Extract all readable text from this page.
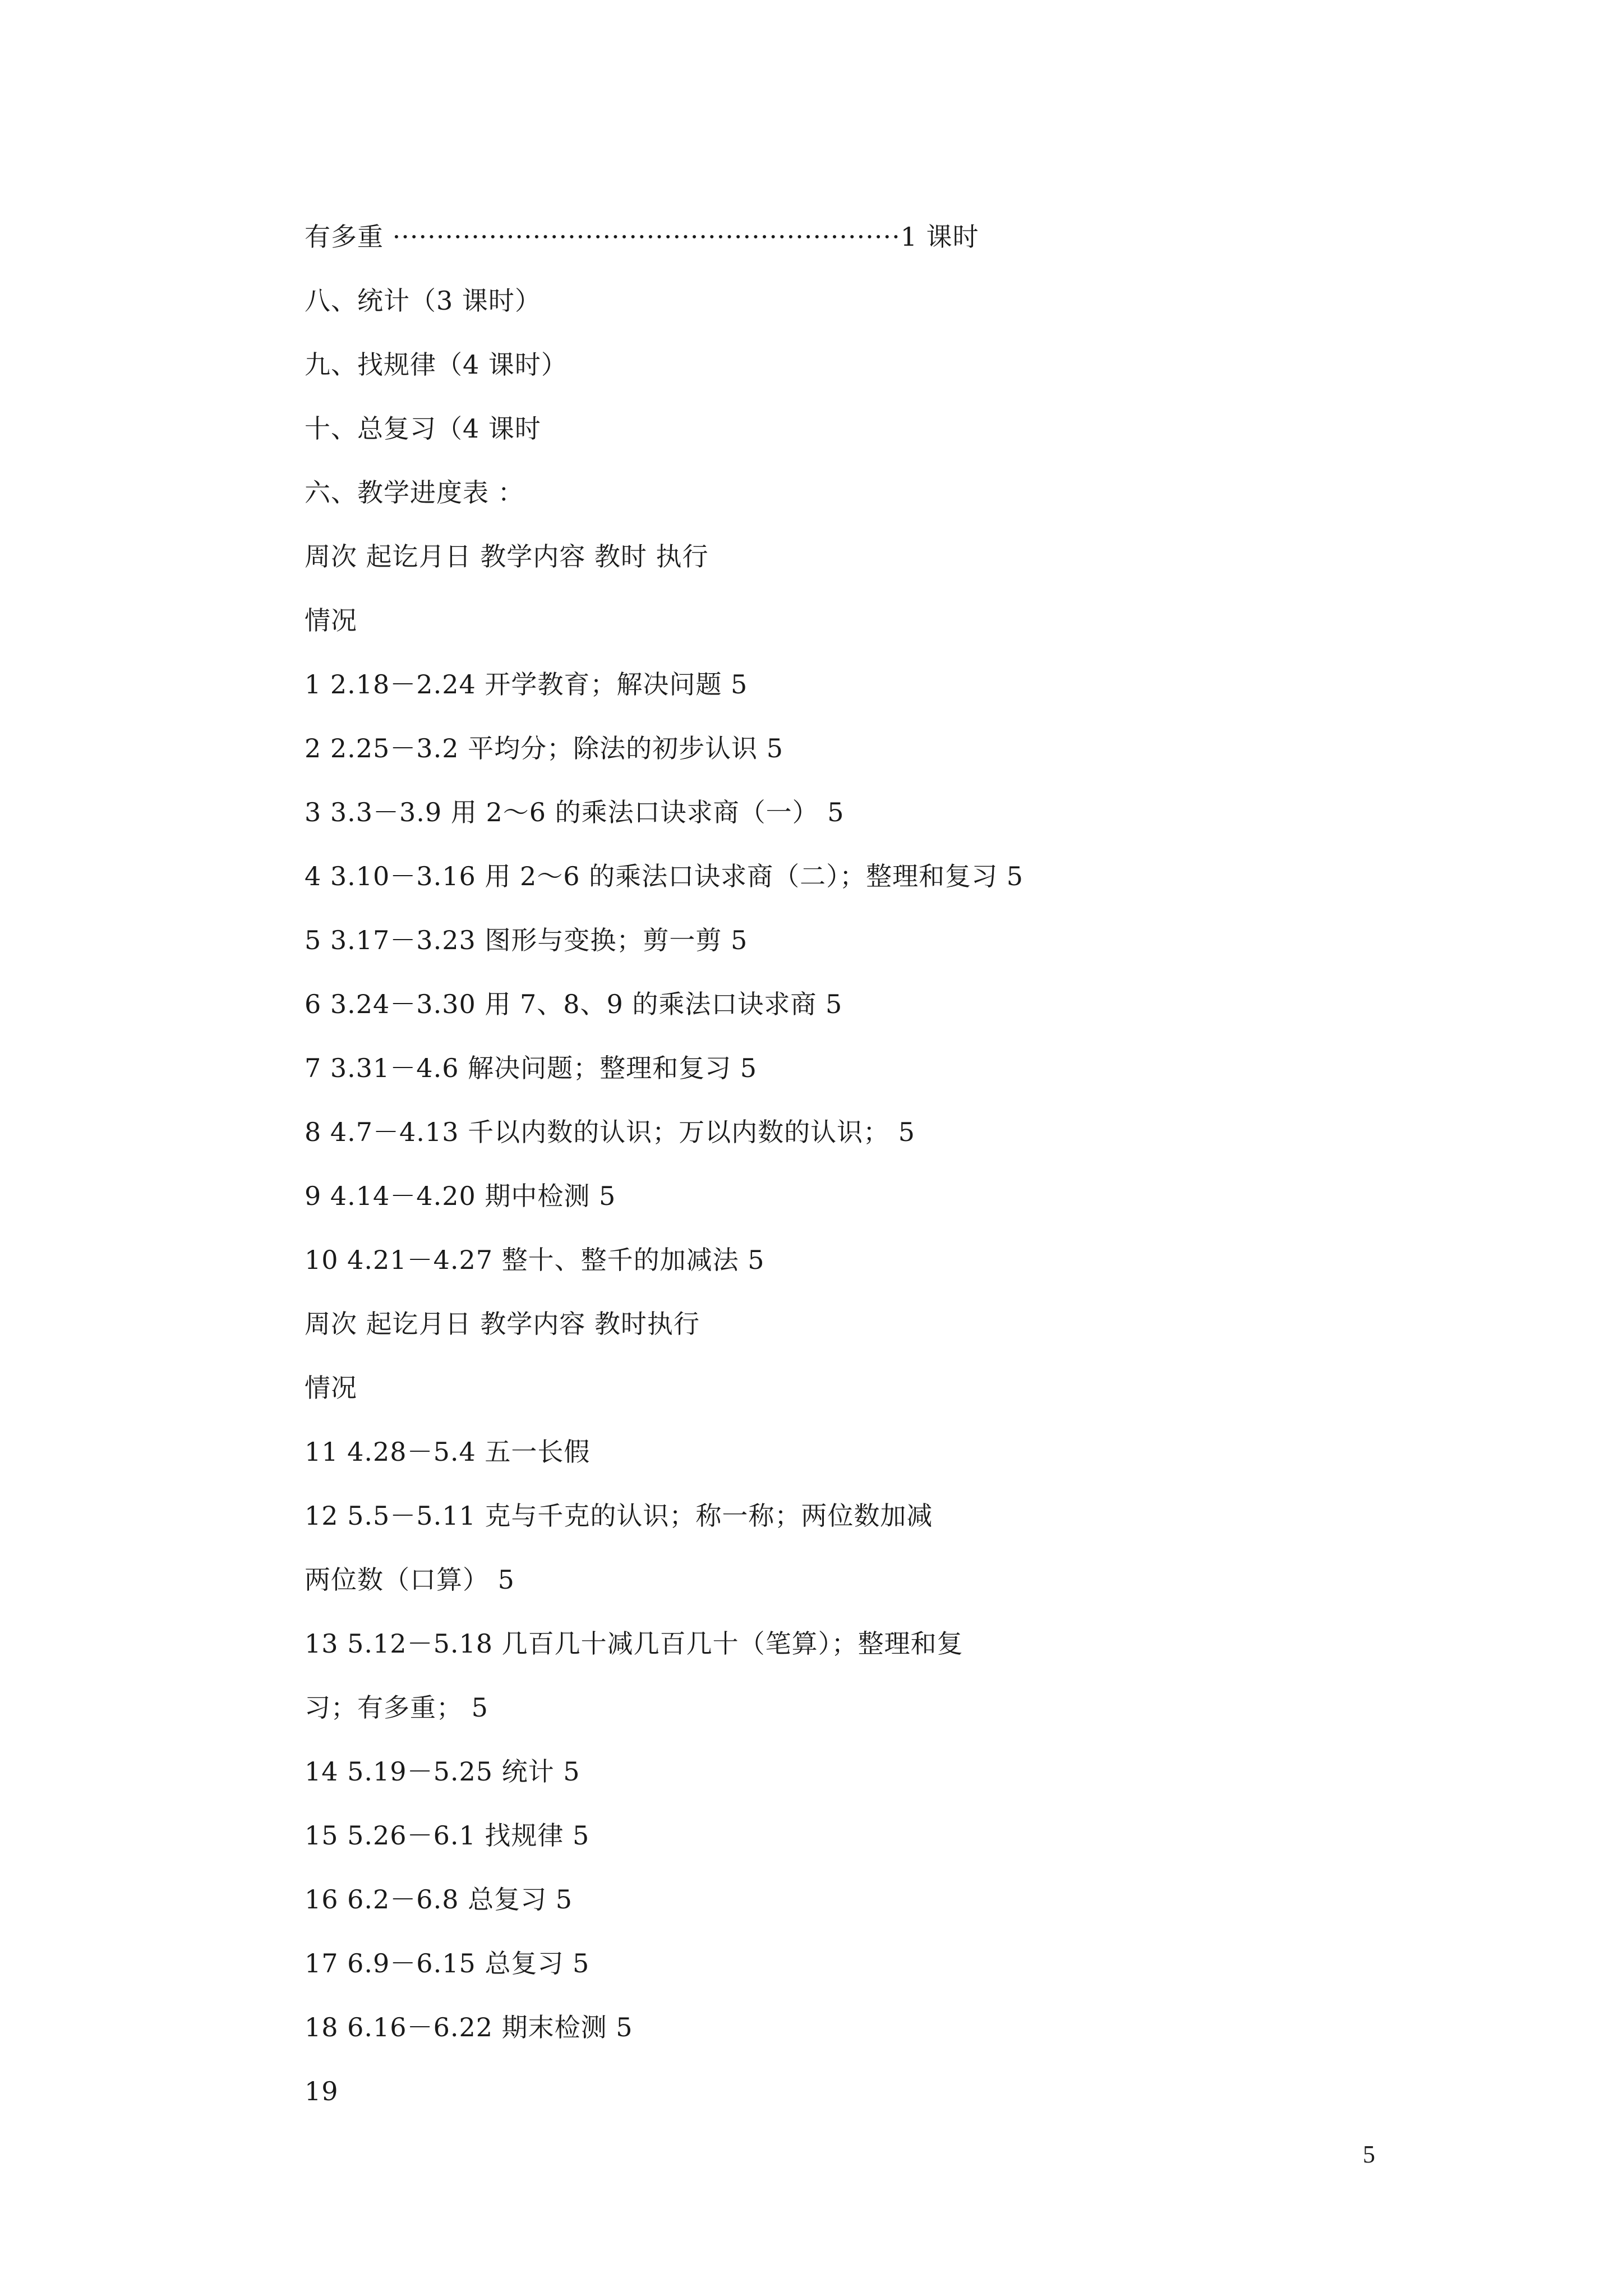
有多重 ··························································1 课时
八、统计（3 课时）
九、找规律（4 课时）
十、总复习（4 课时
六、教学进度表 ：
周次 起讫月日 教学内容 教时 执行
情况
1 2.18－2.24 开学教育；解决问题 5
2 2.25－3.2 平均分；除法的初步认识 5
3 3.3－3.9 用 2～6 的乘法口诀求商（一） 5
4 3.10－3.16 用 2～6 的乘法口诀求商（二）；整理和复习 5
5 3.17－3.23 图形与变换；剪一剪 5
6 3.24－3.30 用 7、8、9 的乘法口诀求商 5
7 3.31－4.6 解决问题；整理和复习 5
8 4.7－4.13 千以内数的认识；万以内数的认识； 5
9 4.14－4.20 期中检测 5
10 4.21－4.27 整十、整千的加减法 5
周次 起讫月日 教学内容 教时执行
情况
11 4.28－5.4 五一长假
12 5.5－5.11 克与千克的认识；称一称；两位数加减
两位数（口算） 5
13 5.12－5.18 几百几十减几百几十（笔算）；整理和复
习；有多重； 5
14 5.19－5.25 统计 5
15 5.26－6.1 找规律 5
16 6.2－6.8 总复习 5
17 6.9－6.15 总复习 5
18 6.16－6.22 期末检测 5
19
5
